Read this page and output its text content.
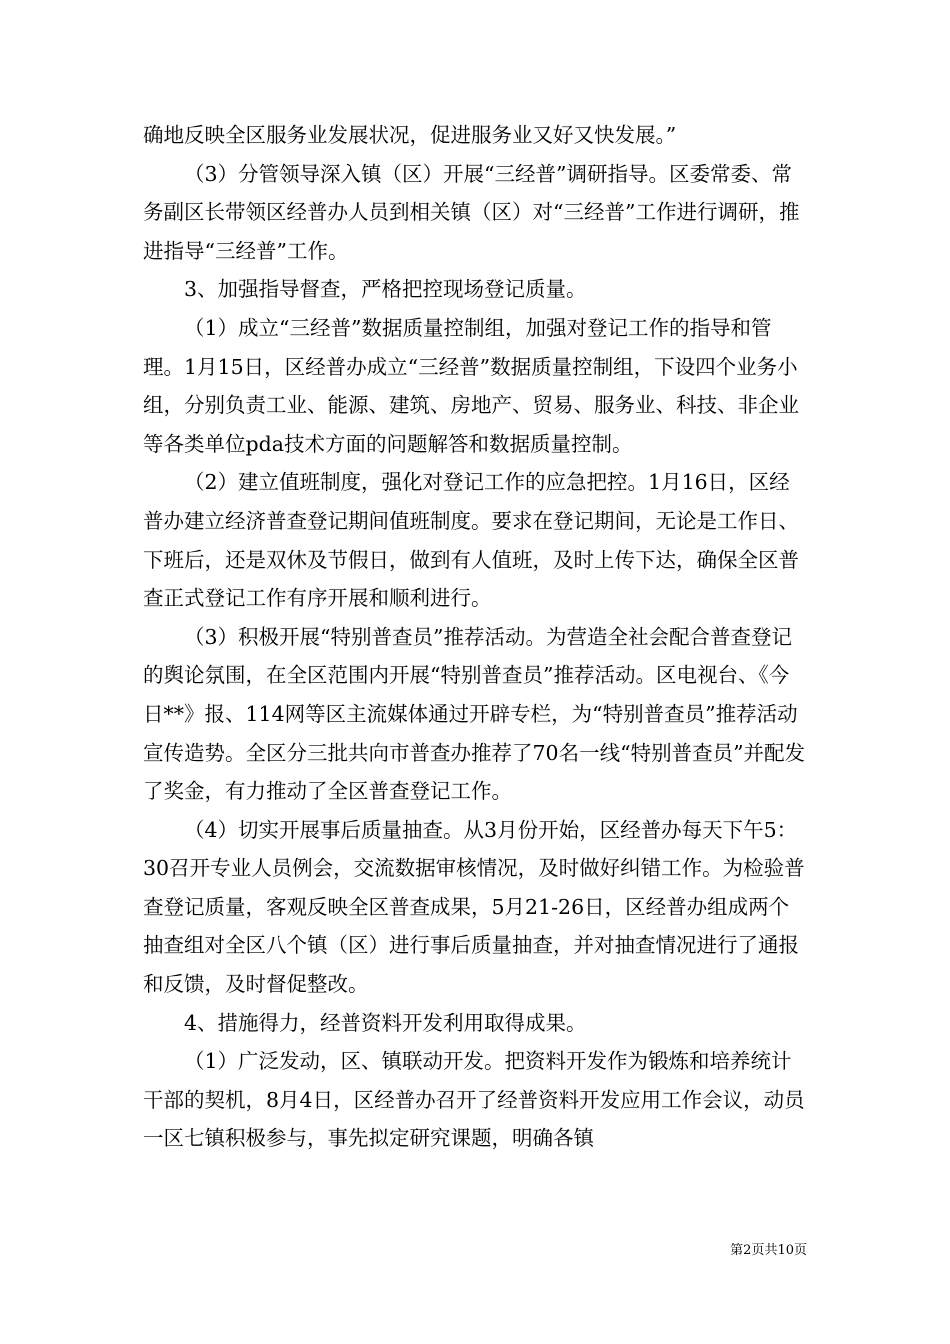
确地反映全区服务业发展状况，促进服务业又好又快发展。”

（3）分管领导深入镇（区）开展“三经普”调研指导。区委常委、常务副区长带领区经普办人员到相关镇（区）对“三经普”工作进行调研，推进指导“三经普”工作。

3、加强指导督查，严格把控现场登记质量。

（1）成立“三经普”数据质量控制组，加强对登记工作的指导和管理。1月15日，区经普办成立“三经普”数据质量控制组，下设四个业务小组，分别负责工业、能源、建筑、房地产、贸易、服务业、科技、非企业等各类单位pda技术方面的问题解答和数据质量控制。

（2）建立值班制度，强化对登记工作的应急把控。1月16日，区经普办建立经济普查登记期间值班制度。要求在登记期间，无论是工作日、下班后，还是双休及节假日，做到有人值班，及时上传下达，确保全区普查正式登记工作有序开展和顺利进行。

（3）积极开展“特别普查员”推荐活动。为营造全社会配合普查登记的舆论氛围，在全区范围内开展“特别普查员”推荐活动。区电视台、《今日**》报、114网等区主流媒体通过开辟专栏，为“特别普查员”推荐活动宣传造势。全区分三批共向市普查办推荐了70名一线“特别普查员”并配发了奖金，有力推动了全区普查登记工作。

（4）切实开展事后质量抽查。从3月份开始，区经普办每天下午5：30召开专业人员例会，交流数据审核情况，及时做好纠错工作。为检验普查登记质量，客观反映全区普查成果，5月21-26日，区经普办组成两个抽查组对全区八个镇（区）进行事后质量抽查，并对抽查情况进行了通报和反馈，及时督促整改。

4、措施得力，经普资料开发利用取得成果。

（1）广泛发动，区、镇联动开发。把资料开发作为锻炼和培养统计干部的契机，8月4日，区经普办召开了经普资料开发应用工作会议，动员一区七镇积极参与，事先拟定研究课题，明确各镇

第2页共10页
